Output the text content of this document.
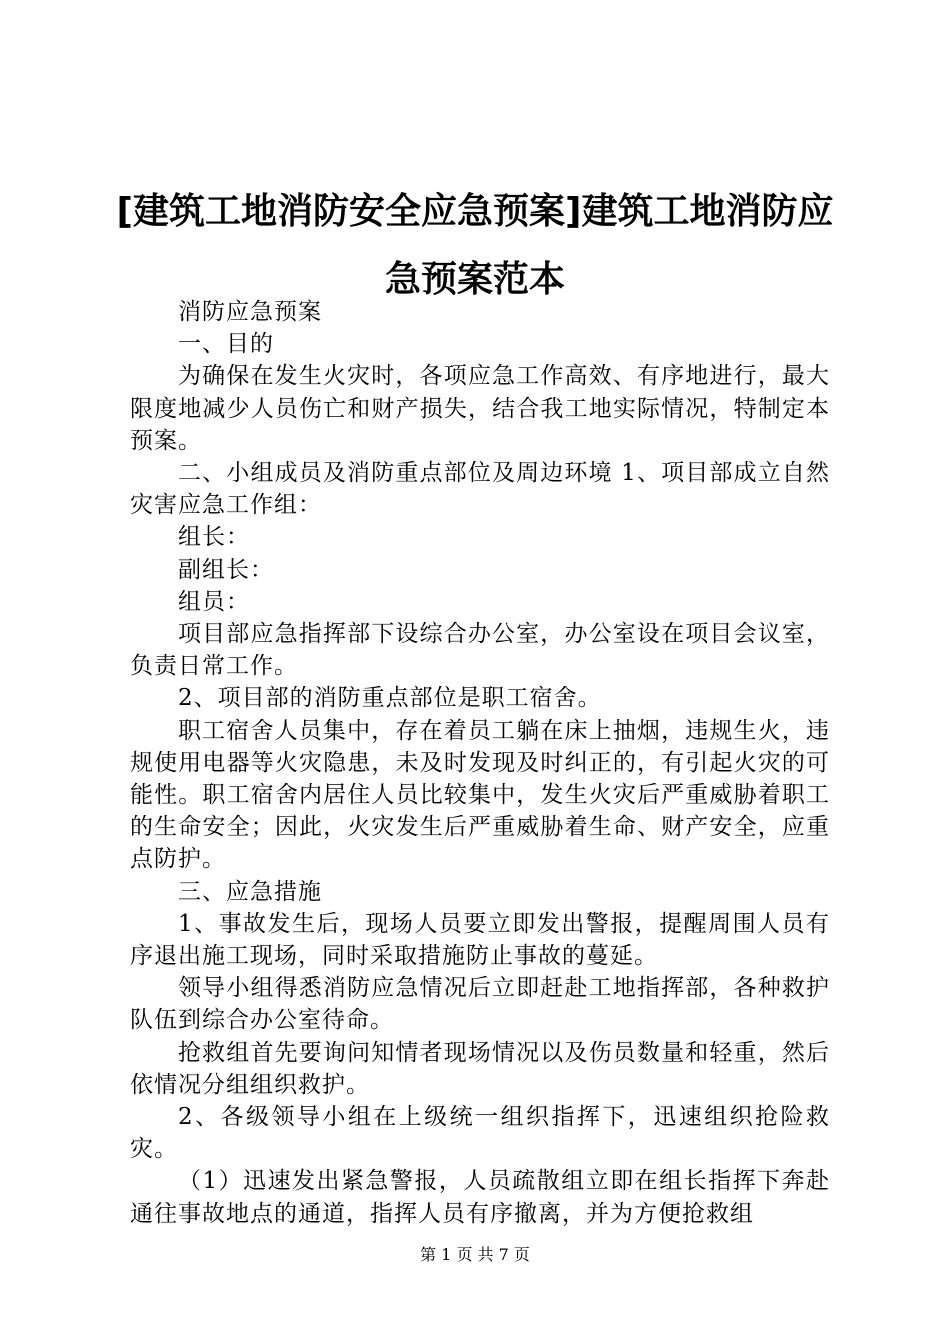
[建筑工地消防安全应急预案]建筑工地消防应
急预案范本

消防应急预案

一、目的

为确保在发生火灾时，各项应急工作高效、有序地进行，最大限度地减少人员伤亡和财产损失，结合我工地实际情况，特制定本预案。

二、小组成员及消防重点部位及周边环境 1、项目部成立自然灾害应急工作组：

组长：

副组长：

组员：

项目部应急指挥部下设综合办公室，办公室设在项目会议室，负责日常工作。

2、项目部的消防重点部位是职工宿舍。

职工宿舍人员集中，存在着员工躺在床上抽烟，违规生火，违规使用电器等火灾隐患，未及时发现及时纠正的，有引起火灾的可能性。职工宿舍内居住人员比较集中，发生火灾后严重威胁着职工的生命安全；因此，火灾发生后严重威胁着生命、财产安全，应重点防护。

三、应急措施

1、事故发生后，现场人员要立即发出警报，提醒周围人员有序退出施工现场，同时采取措施防止事故的蔓延。

领导小组得悉消防应急情况后立即赶赴工地指挥部，各种救护队伍到综合办公室待命。

抢救组首先要询问知情者现场情况以及伤员数量和轻重，然后依情况分组组织救护。

2、各级领导小组在上级统一组织指挥下，迅速组织抢险救灾。

（1）迅速发出紧急警报，人员疏散组立即在组长指挥下奔赴通往事故地点的通道，指挥人员有序撤离，并为方便抢救组

第 1 页 共 7 页
